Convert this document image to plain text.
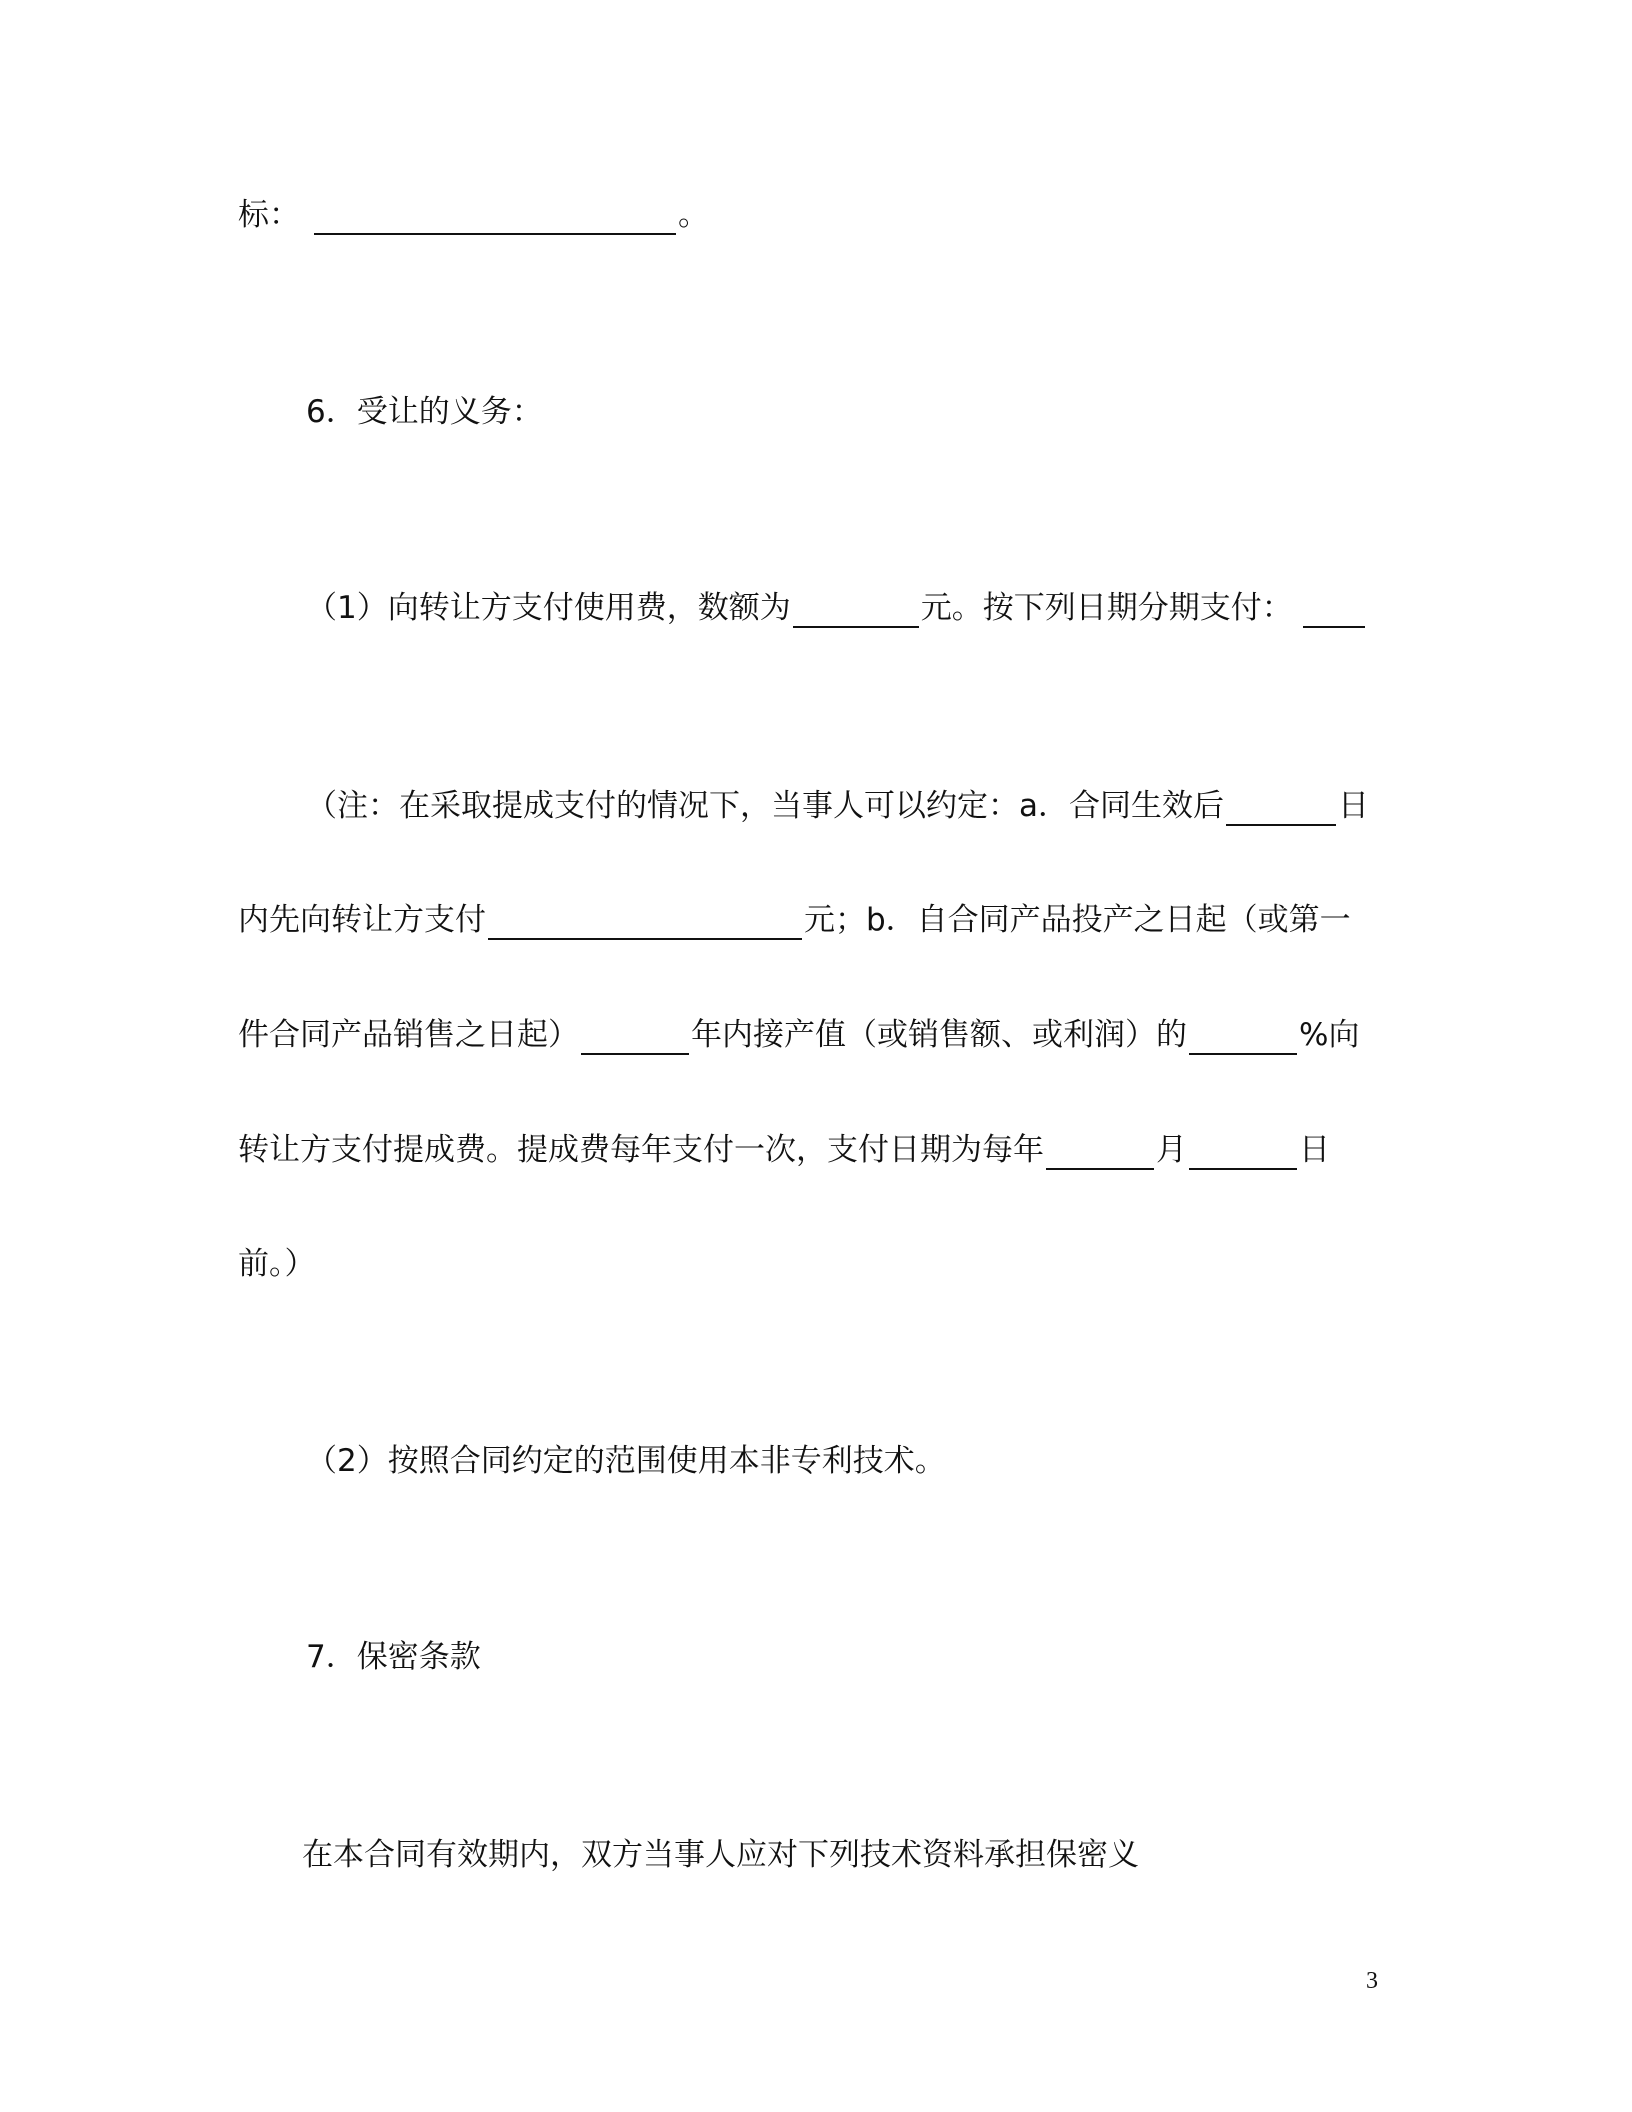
标：	。
6．受让的义务：
（1）向转让方支付使用费，数额为	元。按下列日期分期支付：
（注：在采取提成支付的情况下，当事人可以约定：a．合同生效后	日
内先向转让方支付	元；b．自合同产品投产之日起（或第一
件合同产品销售之日起）	年内接产值（或销售额、或利润）的	%向
转让方支付提成费。提成费每年支付一次，支付日期为每年	月	日
前。）
（2）按照合同约定的范围使用本非专利技术。
7．保密条款
在本合同有效期内，双方当事人应对下列技术资料承担保密义
3
